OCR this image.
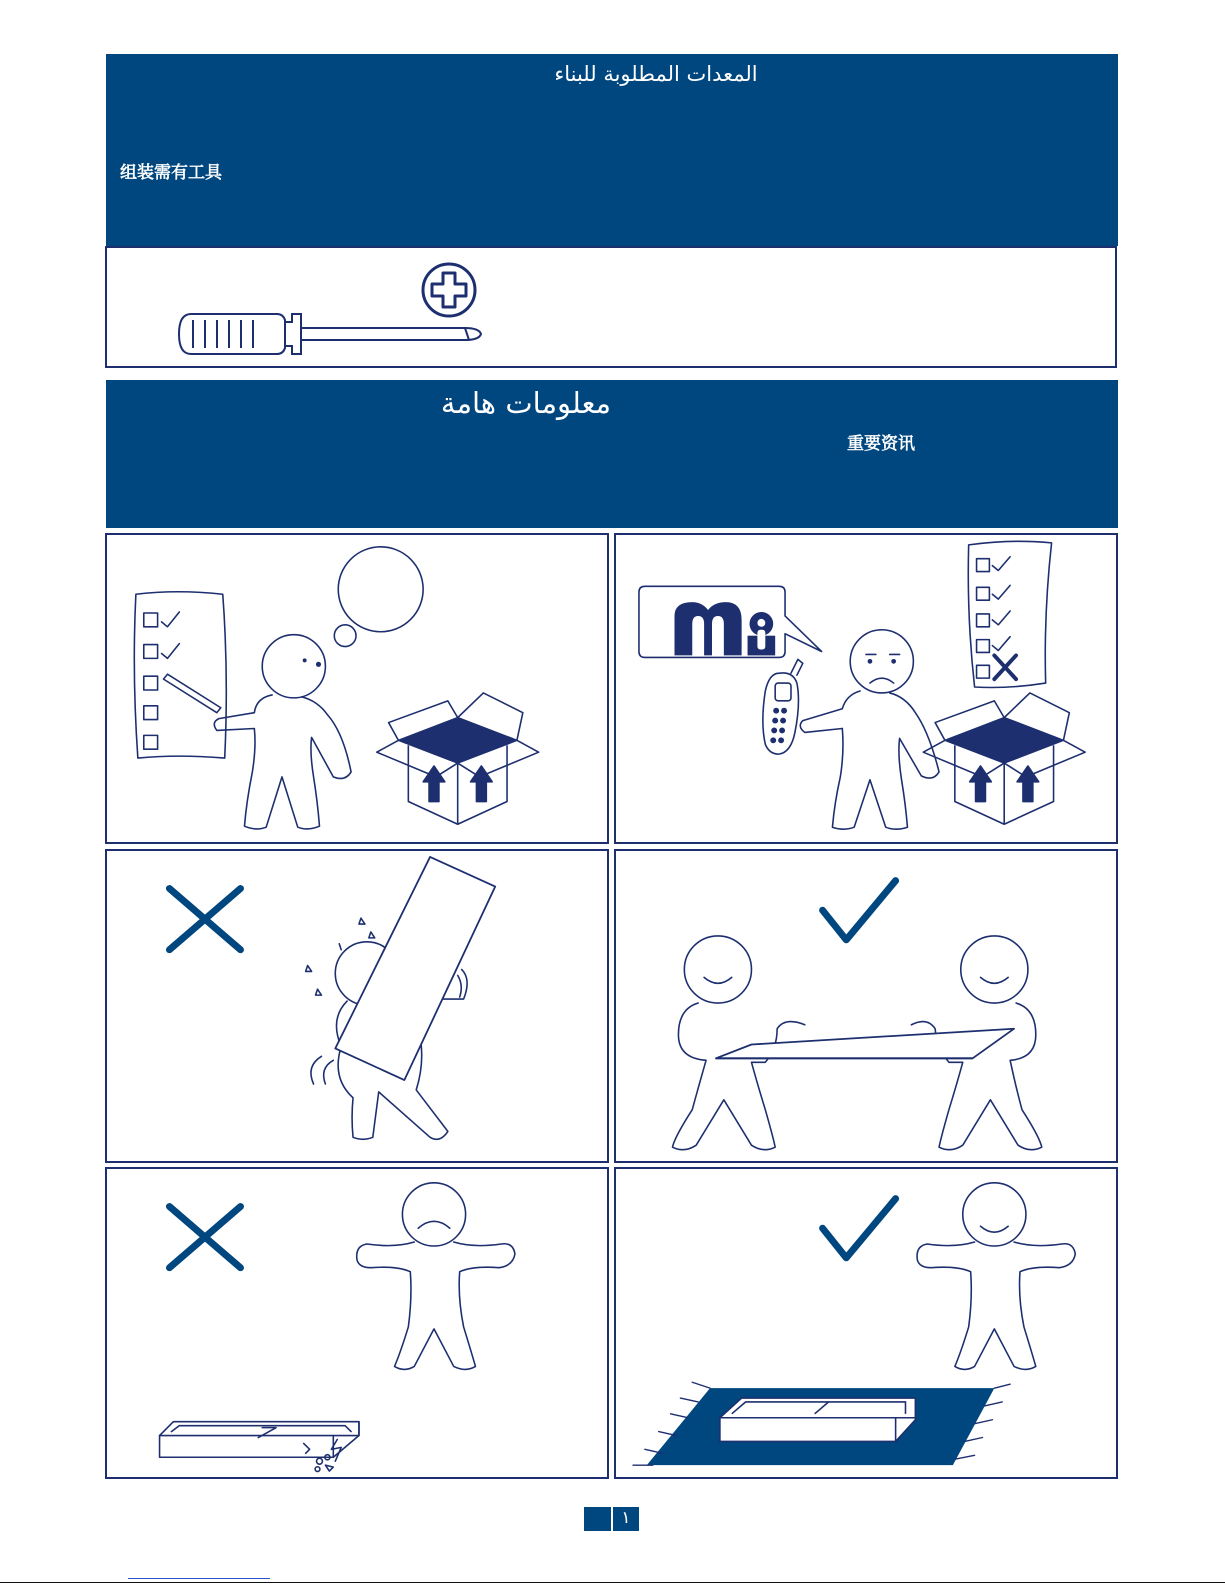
المعدات المطلوبة للبناء
组装需有工具
معلومات هامة
重要资讯
١
